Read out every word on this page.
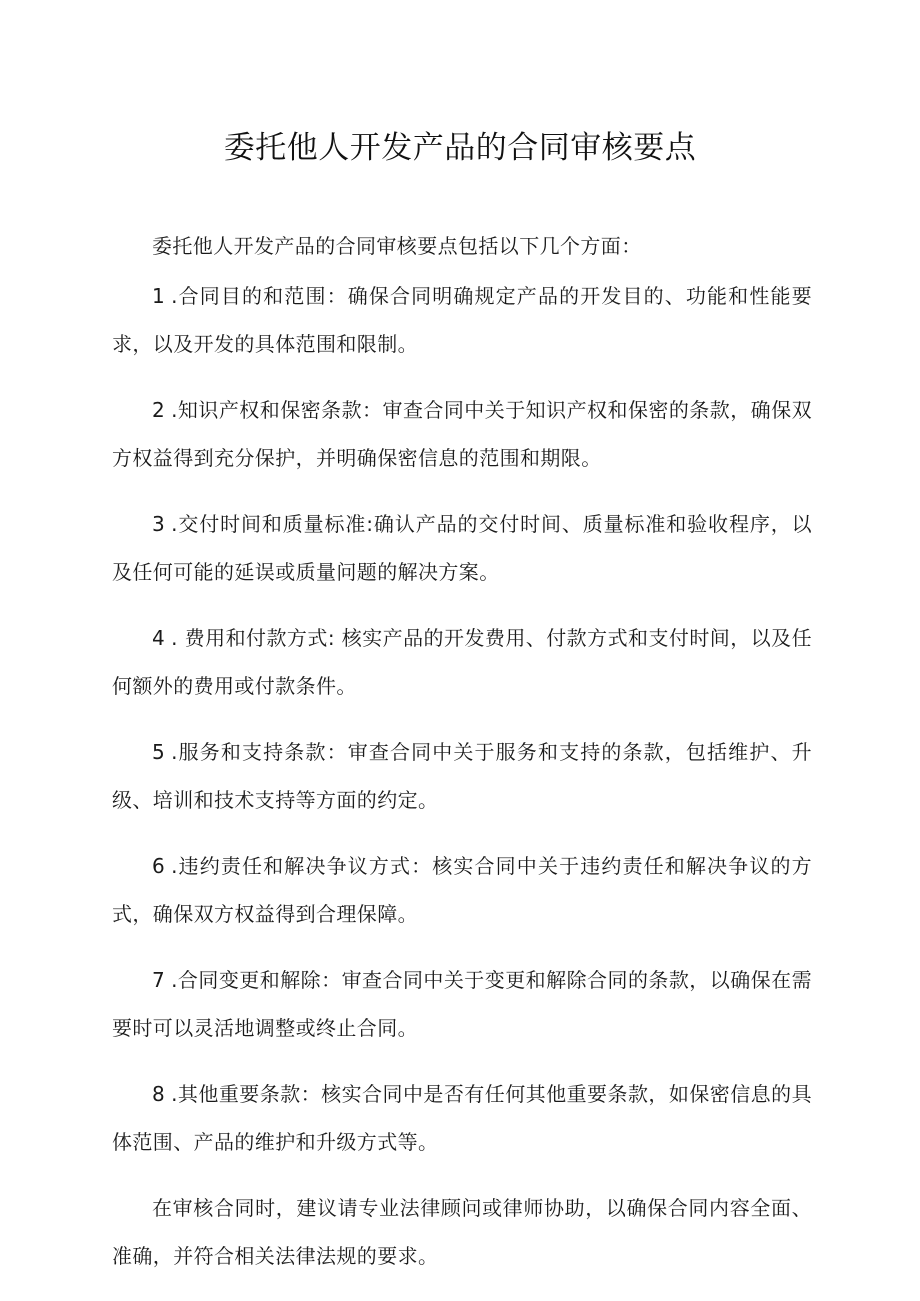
委托他人开发产品的合同审核要点

委托他人开发产品的合同审核要点包括以下几个方面：

1 .合同目的和范围：确保合同明确规定产品的开发目的、功能和性能要求，以及开发的具体范围和限制。

2 .知识产权和保密条款：审查合同中关于知识产权和保密的条款，确保双方权益得到充分保护，并明确保密信息的范围和期限。

3 .交付时间和质量标准:确认产品的交付时间、质量标准和验收程序，以及任何可能的延误或质量问题的解决方案。

4 . 费用和付款方式: 核实产品的开发费用、付款方式和支付时间，以及任何额外的费用或付款条件。

5 .服务和支持条款：审查合同中关于服务和支持的条款，包括维护、升级、培训和技术支持等方面的约定。

6 .违约责任和解决争议方式：核实合同中关于违约责任和解决争议的方式，确保双方权益得到合理保障。

7 .合同变更和解除：审查合同中关于变更和解除合同的条款，以确保在需要时可以灵活地调整或终止合同。

8 .其他重要条款：核实合同中是否有任何其他重要条款，如保密信息的具体范围、产品的维护和升级方式等。

在审核合同时，建议请专业法律顾问或律师协助，以确保合同内容全面、准确，并符合相关法律法规的要求。
